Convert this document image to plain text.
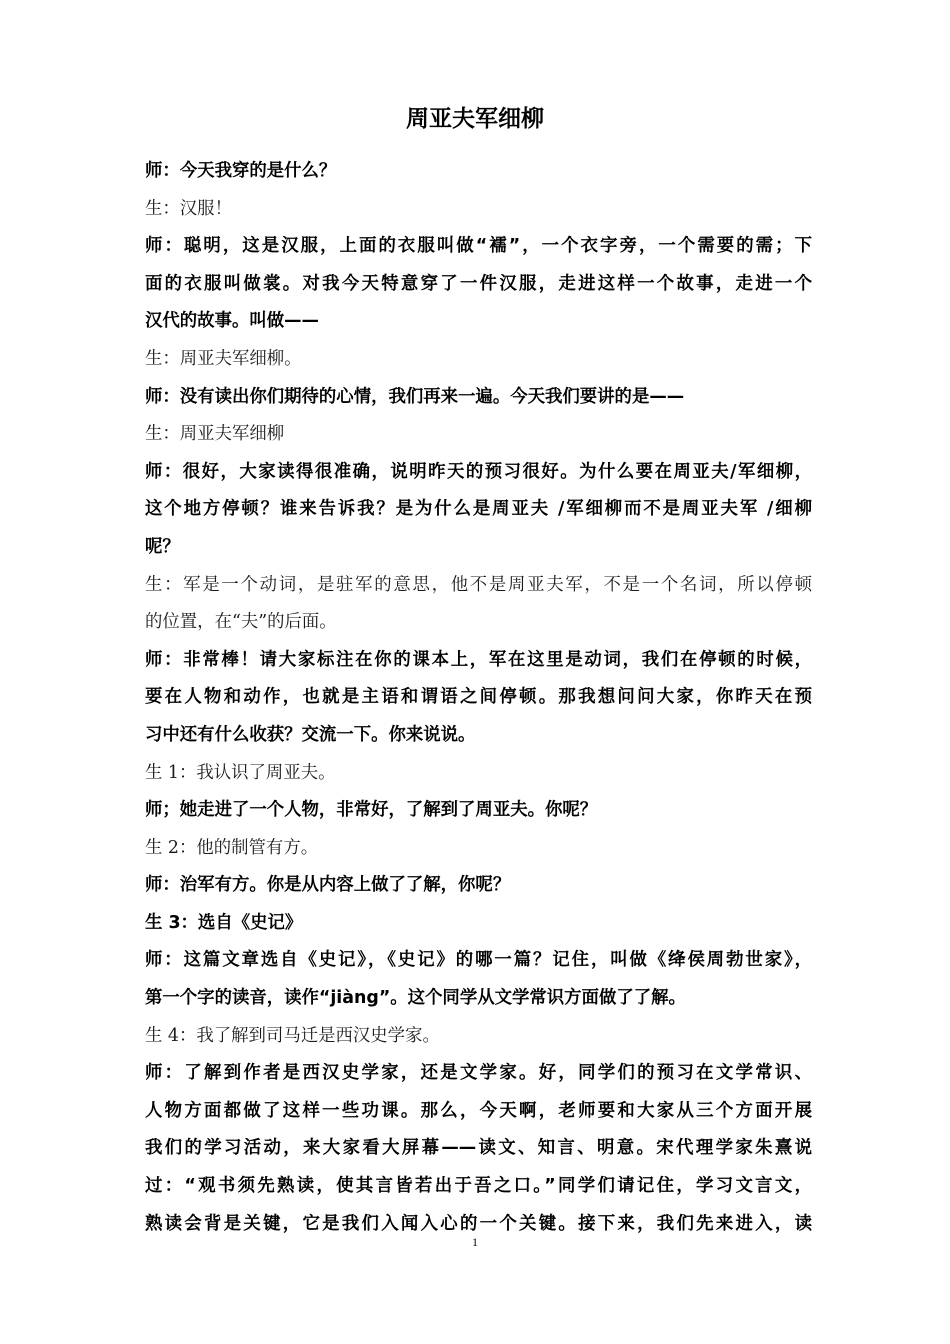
周亚夫军细柳
师：今天我穿的是什么？
生：汉服！
师：聪明，这是汉服，上面的衣服叫做“襦”，一个衣字旁，一个需要的需；下
面的衣服叫做裳。对我今天特意穿了一件汉服，走进这样一个故事，走进一个
汉代的故事。叫做——
生：周亚夫军细柳。
师：没有读出你们期待的心情，我们再来一遍。今天我们要讲的是——
生：周亚夫军细柳
师：很好，大家读得很准确，说明昨天的预习很好。为什么要在周亚夫/军细柳，
这个地方停顿？谁来告诉我？是为什么是周亚夫 /军细柳而不是周亚夫军 /细柳
呢？
生：军是一个动词，是驻军的意思，他不是周亚夫军，不是一个名词，所以停顿
的位置，在“夫”的后面。
师：非常棒！请大家标注在你的课本上，军在这里是动词，我们在停顿的时候，
要在人物和动作，也就是主语和谓语之间停顿。那我想问问大家，你昨天在预
习中还有什么收获？交流一下。你来说说。
生 1：我认识了周亚夫。
师；她走进了一个人物，非常好，了解到了周亚夫。你呢？
生 2：他的制管有方。
师：治军有方。你是从内容上做了了解，你呢？
生 3：选自《史记》
师：这篇文章选自《史记》，《史记》的哪一篇？记住，叫做《绛侯周勃世家》，
第一个字的读音，读作“jiàng”。这个同学从文学常识方面做了了解。
生 4：我了解到司马迁是西汉史学家。
师：了解到作者是西汉史学家，还是文学家。好，同学们的预习在文学常识、
人物方面都做了这样一些功课。那么，今天啊，老师要和大家从三个方面开展
我们的学习活动，来大家看大屏幕——读文、知言、明意。宋代理学家朱熹说
过：“观书须先熟读，使其言皆若出于吾之口。”同学们请记住，学习文言文，
熟读会背是关键，它是我们入闻入心的一个关键。接下来，我们先来进入，读
1
